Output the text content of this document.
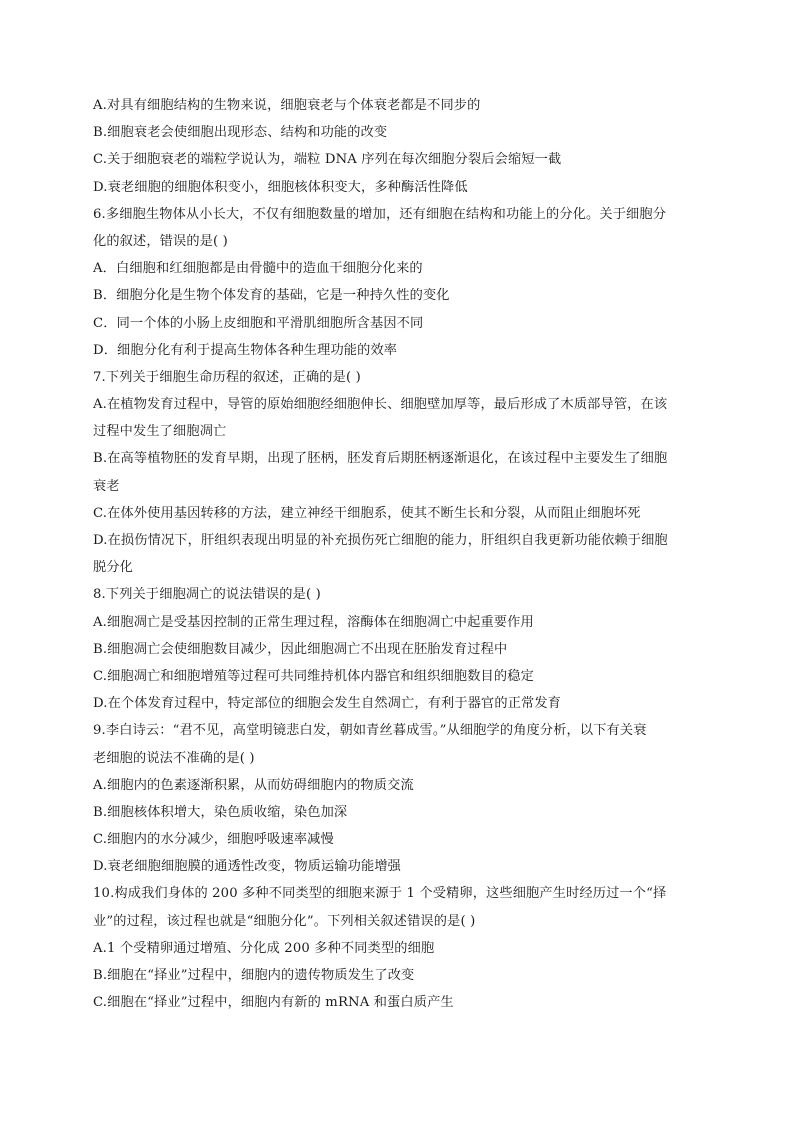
A.对具有细胞结构的生物来说，细胞衰老与个体衰老都是不同步的
B.细胞衰老会使细胞出现形态、结构和功能的改变
C.关于细胞衰老的端粒学说认为，端粒 DNA 序列在每次细胞分裂后会缩短一截
D.衰老细胞的细胞体积变小，细胞核体积变大，多种酶活性降低
6.多细胞生物体从小长大，不仅有细胞数量的增加，还有细胞在结构和功能上的分化。关于细胞分
化的叙述，错误的是( )
A．白细胞和红细胞都是由骨髓中的造血干细胞分化来的
B．细胞分化是生物个体发育的基础，它是一种持久性的变化
C．同一个体的小肠上皮细胞和平滑肌细胞所含基因不同
D．细胞分化有利于提高生物体各种生理功能的效率
7.下列关于细胞生命历程的叙述，正确的是( )
A.在植物发育过程中，导管的原始细胞经细胞伸长、细胞壁加厚等，最后形成了木质部导管，在该
过程中发生了细胞凋亡
B.在高等植物胚的发育早期，出现了胚柄，胚发育后期胚柄逐渐退化，在该过程中主要发生了细胞
衰老
C.在体外使用基因转移的方法，建立神经干细胞系，使其不断生长和分裂，从而阻止细胞坏死
D.在损伤情况下，肝组织表现出明显的补充损伤死亡细胞的能力，肝组织自我更新功能依赖于细胞
脱分化
8.下列关于细胞凋亡的说法错误的是( )
A.细胞凋亡是受基因控制的正常生理过程，溶酶体在细胞凋亡中起重要作用
B.细胞凋亡会使细胞数目减少，因此细胞凋亡不出现在胚胎发育过程中
C.细胞凋亡和细胞增殖等过程可共同维持机体内器官和组织细胞数目的稳定
D.在个体发育过程中，特定部位的细胞会发生自然凋亡，有利于器官的正常发育
9.李白诗云：“君不见，高堂明镜悲白发，朝如青丝暮成雪。”从细胞学的角度分析，以下有关衰
老细胞的说法不准确的是( )
A.细胞内的色素逐渐积累，从而妨碍细胞内的物质交流
B.细胞核体积增大，染色质收缩，染色加深
C.细胞内的水分减少，细胞呼吸速率减慢
D.衰老细胞细胞膜的通透性改变，物质运输功能增强
10.构成我们身体的 200 多种不同类型的细胞来源于 1 个受精卵，这些细胞产生时经历过一个“择
业”的过程，该过程也就是“细胞分化”。下列相关叙述错误的是( )
A.1 个受精卵通过增殖、分化成 200 多种不同类型的细胞
B.细胞在“择业”过程中，细胞内的遗传物质发生了改变
C.细胞在“择业”过程中，细胞内有新的 mRNA 和蛋白质产生
